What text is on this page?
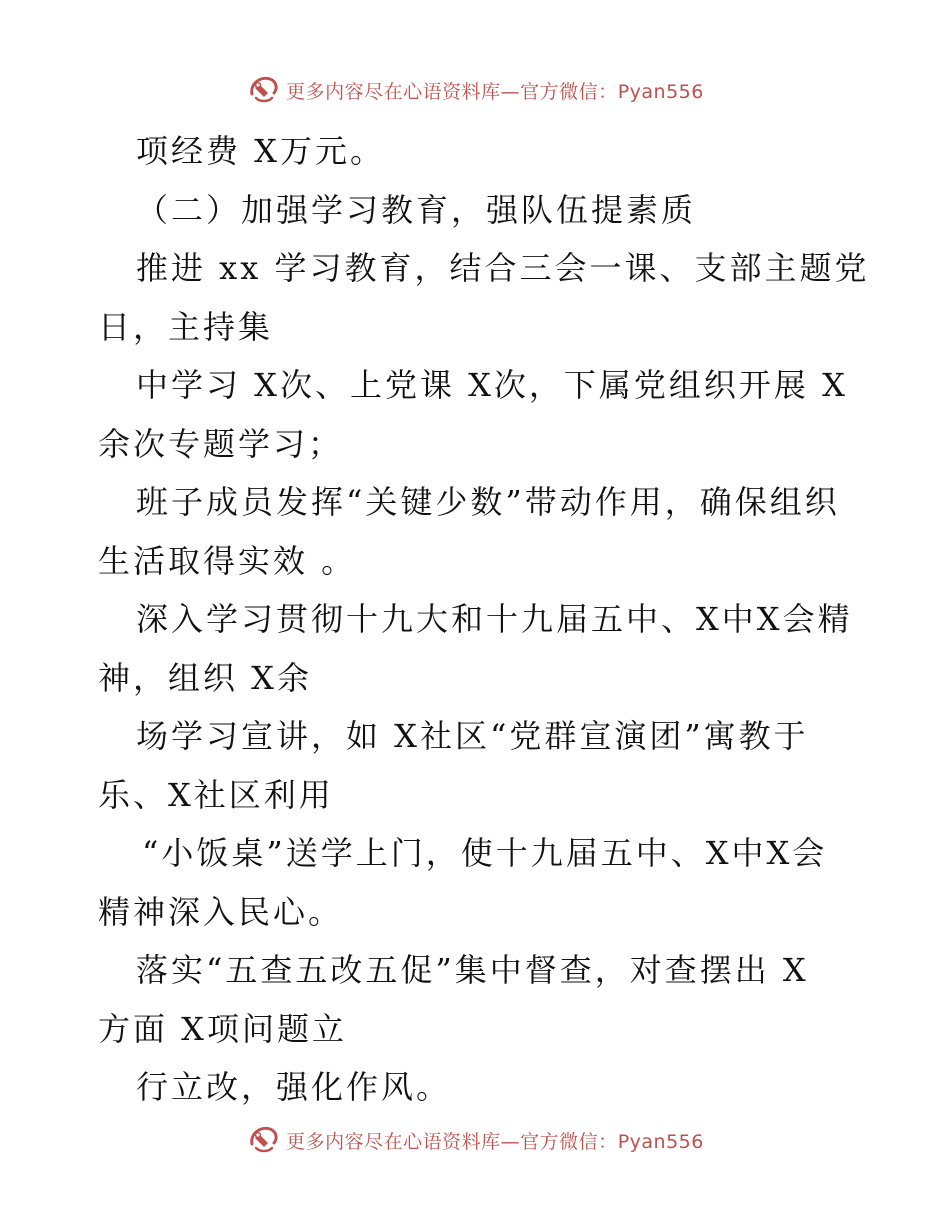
更多内容尽在心语资料库—官方微信：Pyan556
项经费 X万元。
（二）加强学习教育，强队伍提素质
推进 xx 学习教育，结合三会一课、支部主题党
日，主持集
中学习 X次、上党课 X次，下属党组织开展 X
余次专题学习；
班子成员发挥“关键少数”带动作用，确保组织
生活取得实效 。
深入学习贯彻十九大和十九届五中、X中X会精
神，组织 X余
场学习宣讲，如 X社区“党群宣演团”寓教于
乐、X社区利用
“小饭桌”送学上门，使十九届五中、X中X会
精神深入民心。
落实“五查五改五促”集中督查，对查摆出 X
方面 X项问题立
行立改，强化作风。
更多内容尽在心语资料库—官方微信：Pyan556
